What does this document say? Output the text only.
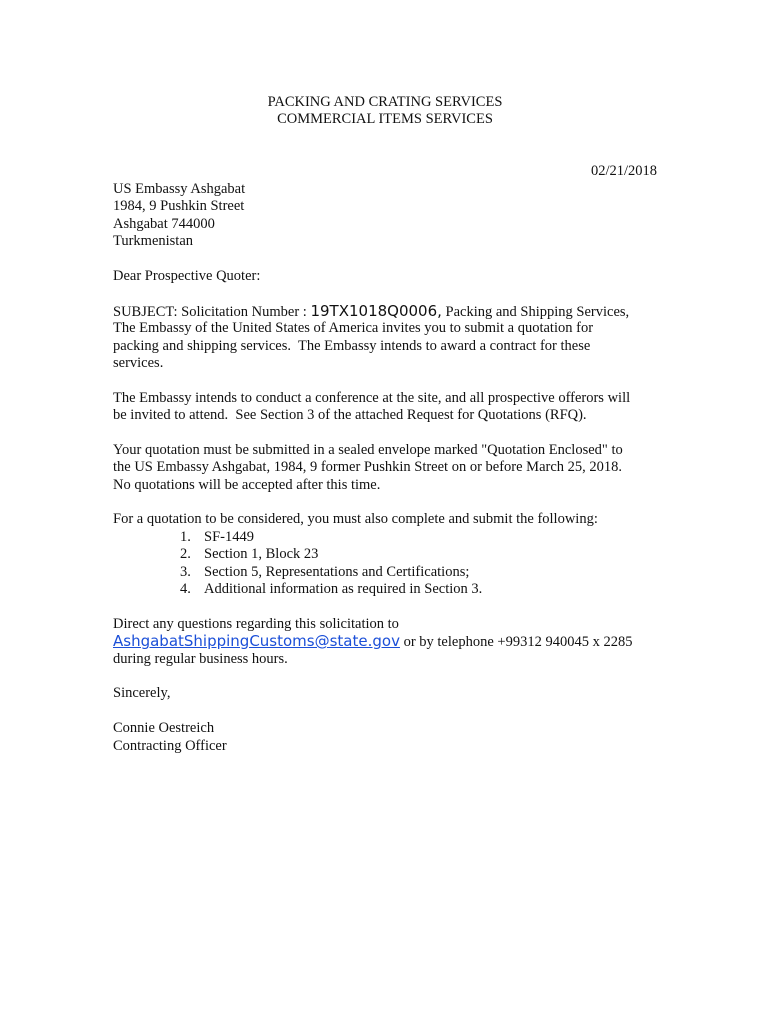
PACKING AND CRATING SERVICES
COMMERCIAL ITEMS SERVICES
02/21/2018
US Embassy Ashgabat
1984, 9 Pushkin Street
Ashgabat 744000
Turkmenistan
Dear Prospective Quoter:
SUBJECT: Solicitation Number : 19TX1018Q0006, Packing and Shipping Services,
The Embassy of the United States of America invites you to submit a quotation for
packing and shipping services.  The Embassy intends to award a contract for these
services.
The Embassy intends to conduct a conference at the site, and all prospective offerors will
be invited to attend.  See Section 3 of the attached Request for Quotations (RFQ).
Your quotation must be submitted in a sealed envelope marked "Quotation Enclosed" to
the US Embassy Ashgabat, 1984, 9 former Pushkin Street on or before March 25, 2018.
No quotations will be accepted after this time.
For a quotation to be considered, you must also complete and submit the following:
1. SF-1449
2. Section 1, Block 23
3. Section 5, Representations and Certifications;
4. Additional information as required in Section 3.
Direct any questions regarding this solicitation to
AshgabatShippingCustoms@state.gov or by telephone +99312 940045 x 2285
during regular business hours.
Sincerely,
Connie Oestreich
Contracting Officer
